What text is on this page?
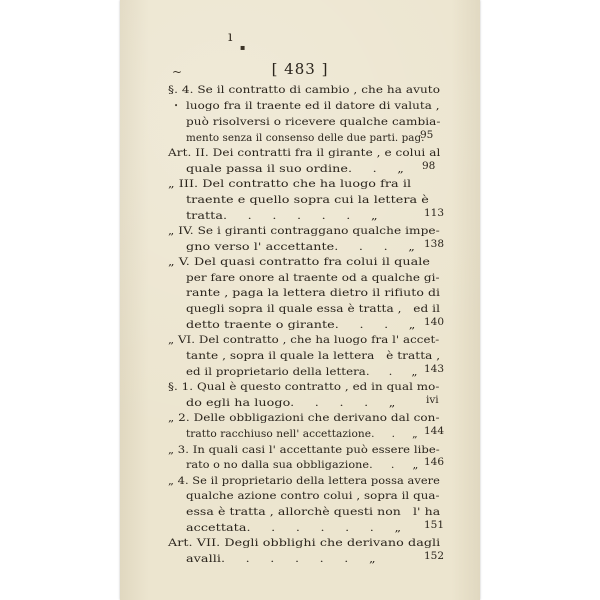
ı
▪
~
•
[ 483 ]
§. 4. Se il contratto di cambio , che ha avuto
luogo fra il traente ed il datore di valuta ,
può risolversi o ricevere qualche cambia-
mento senza il consenso delle due parti. pag.
Art. II. Dei contratti fra il girante , e colui al
quale passa il suo ordine.     .     „
„ III. Del contratto che ha luogo fra il
traente e quello sopra cui la lettera è
tratta.     .     .     .     .     .     „
„ IV. Se i giranti contraggano qualche impe-
gno verso l' accettante.     .     .     „
„ V. Del quasi contratto fra colui il quale
per fare onore al traente od a qualche gi-
rante , paga la lettera dietro il rifiuto di
quegli sopra il quale essa è tratta ,   ed il
detto traente o girante.     .     .     „
„ VI. Del contratto , che ha luogo fra l' accet-
tante , sopra il quale la lettera   è tratta ,
ed il proprietario della lettera.     .     „
§. 1. Qual è questo contratto , ed in qual mo-
do egli ha luogo.     .     .     .     „
„ 2. Delle obbligazioni che derivano dal con-
tratto racchiuso nell' accettazione.     .     „
„ 3. In quali casi l' accettante può essere libe-
rato o no dalla sua obbligazione.     .     „
„ 4. Se il proprietario della lettera possa avere
qualche azione contro colui , sopra il qua-
essa è tratta , allorchè questi non   l' ha
accettata.     .     .     .     .     .     „
Art. VII. Degli obblighi che derivano dagli
avalli.     .     .     .     .     .     „
95
98
113
138
140
143
ivi
144
146
151
152
